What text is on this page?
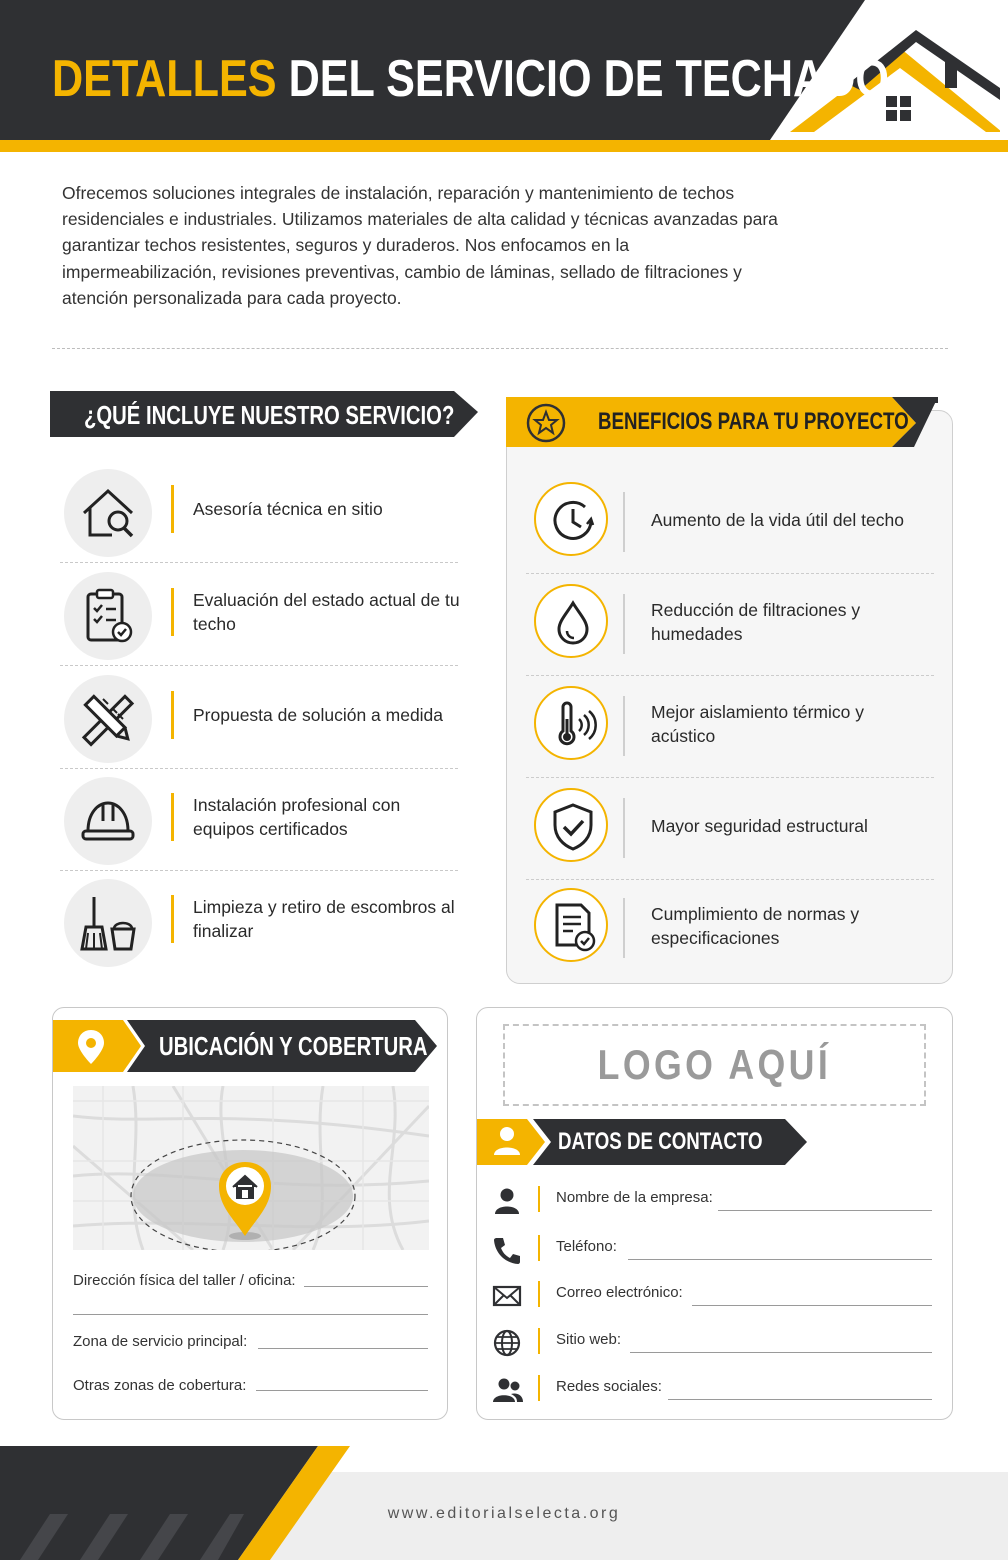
DETALLES DEL SERVICIO DE TECHADO
Ofrecemos soluciones integrales de instalación, reparación y mantenimiento de techos residenciales e industriales. Utilizamos materiales de alta calidad y técnicas avanzadas para garantizar techos resistentes, seguros y duraderos. Nos enfocamos en la impermeabilización, revisiones preventivas, cambio de láminas, sellado de filtraciones y atención personalizada para cada proyecto.
¿QUÉ INCLUYE NUESTRO SERVICIO?
Asesoría técnica en sitio
Evaluación del estado actual de tu techo
Propuesta de solución a medida
Instalación profesional con equipos certificados
Limpieza y retiro de escombros al finalizar
BENEFICIOS PARA TU PROYECTO
Aumento de la vida útil del techo
Reducción de filtraciones y humedades
Mejor aislamiento térmico y acústico
Mayor seguridad estructural
Cumplimiento de normas y especificaciones
UBICACIÓN Y COBERTURA
Dirección física del taller / oficina:
Zona de servicio principal:
Otras zonas de cobertura:
LOGO AQUÍ
DATOS DE CONTACTO
Nombre de la empresa:
Teléfono:
Correo electrónico:
Sitio web:
Redes sociales:
www.editorialselecta.org
